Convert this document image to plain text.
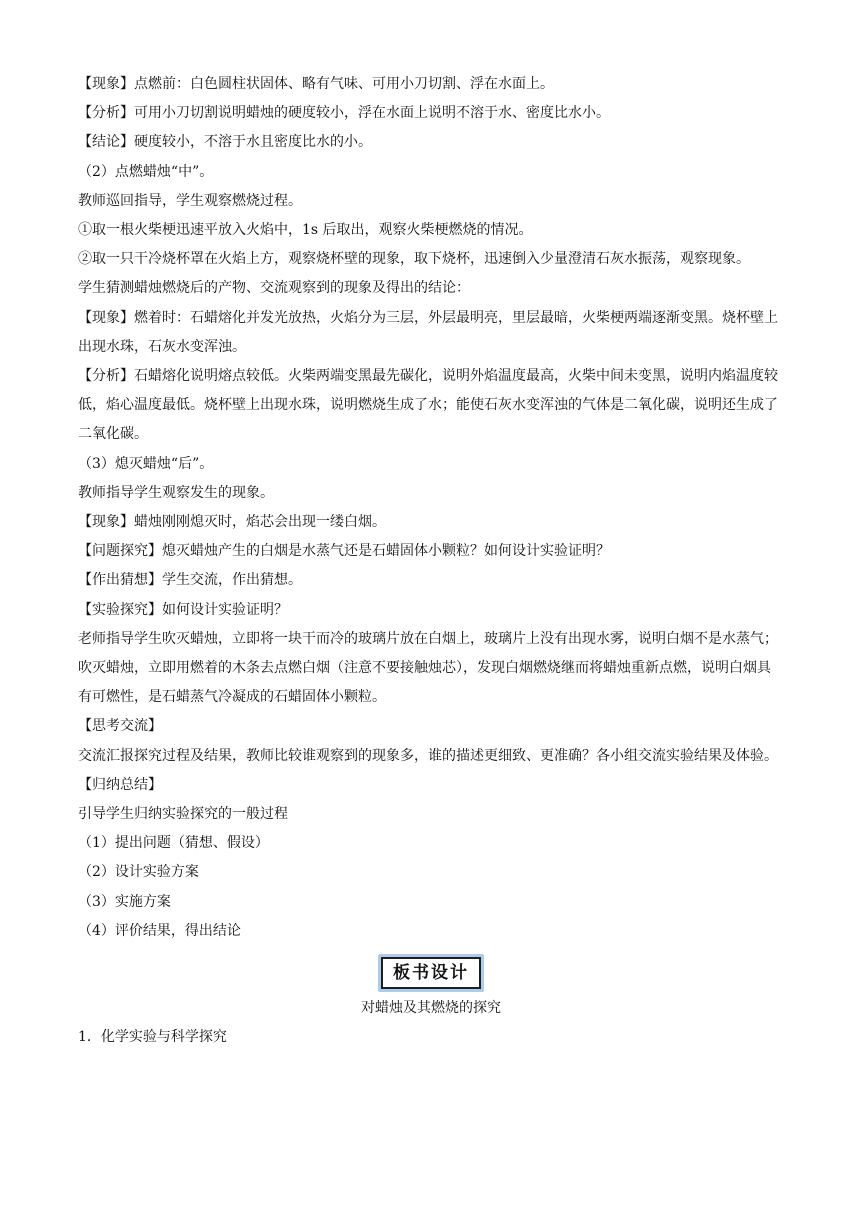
【现象】点燃前：白色圆柱状固体、略有气味、可用小刀切割、浮在水面上。

【分析】可用小刀切割说明蜡烛的硬度较小，浮在水面上说明不溶于水、密度比水小。

【结论】硬度较小，不溶于水且密度比水的小。

（2）点燃蜡烛“中”。

教师巡回指导，学生观察燃烧过程。

①取一根火柴梗迅速平放入火焰中，1s 后取出，观察火柴梗燃烧的情况。

②取一只干冷烧杯罩在火焰上方，观察烧杯壁的现象，取下烧杯，迅速倒入少量澄清石灰水振荡，观察现象。

学生猜测蜡烛燃烧后的产物、交流观察到的现象及得出的结论：

【现象】燃着时：石蜡熔化并发光放热，火焰分为三层，外层最明亮，里层最暗，火柴梗两端逐渐变黑。烧杯壁上出现水珠，石灰水变浑浊。

【分析】石蜡熔化说明熔点较低。火柴两端变黑最先碳化，说明外焰温度最高，火柴中间未变黑，说明内焰温度较低，焰心温度最低。烧杯壁上出现水珠，说明燃烧生成了水；能使石灰水变浑浊的气体是二氧化碳，说明还生成了二氧化碳。

（3）熄灭蜡烛“后”。

教师指导学生观察发生的现象。

【现象】蜡烛刚刚熄灭时，焰芯会出现一缕白烟。

【问题探究】熄灭蜡烛产生的白烟是水蒸气还是石蜡固体小颗粒？如何设计实验证明？

【作出猜想】学生交流，作出猜想。

【实验探究】如何设计实验证明？

老师指导学生吹灭蜡烛，立即将一块干而冷的玻璃片放在白烟上，玻璃片上没有出现水雾，说明白烟不是水蒸气；吹灭蜡烛，立即用燃着的木条去点燃白烟（注意不要接触烛芯），发现白烟燃烧继而将蜡烛重新点燃，说明白烟具有可燃性，是石蜡蒸气冷凝成的石蜡固体小颗粒。

【思考交流】

交流汇报探究过程及结果，教师比较谁观察到的现象多，谁的描述更细致、更准确？各小组交流实验结果及体验。

【归纳总结】

引导学生归纳实验探究的一般过程

（1）提出问题（猜想、假设）

（2）设计实验方案

（3）实施方案

（4）评价结果，得出结论

板书设计

对蜡烛及其燃烧的探究

1．化学实验与科学探究
